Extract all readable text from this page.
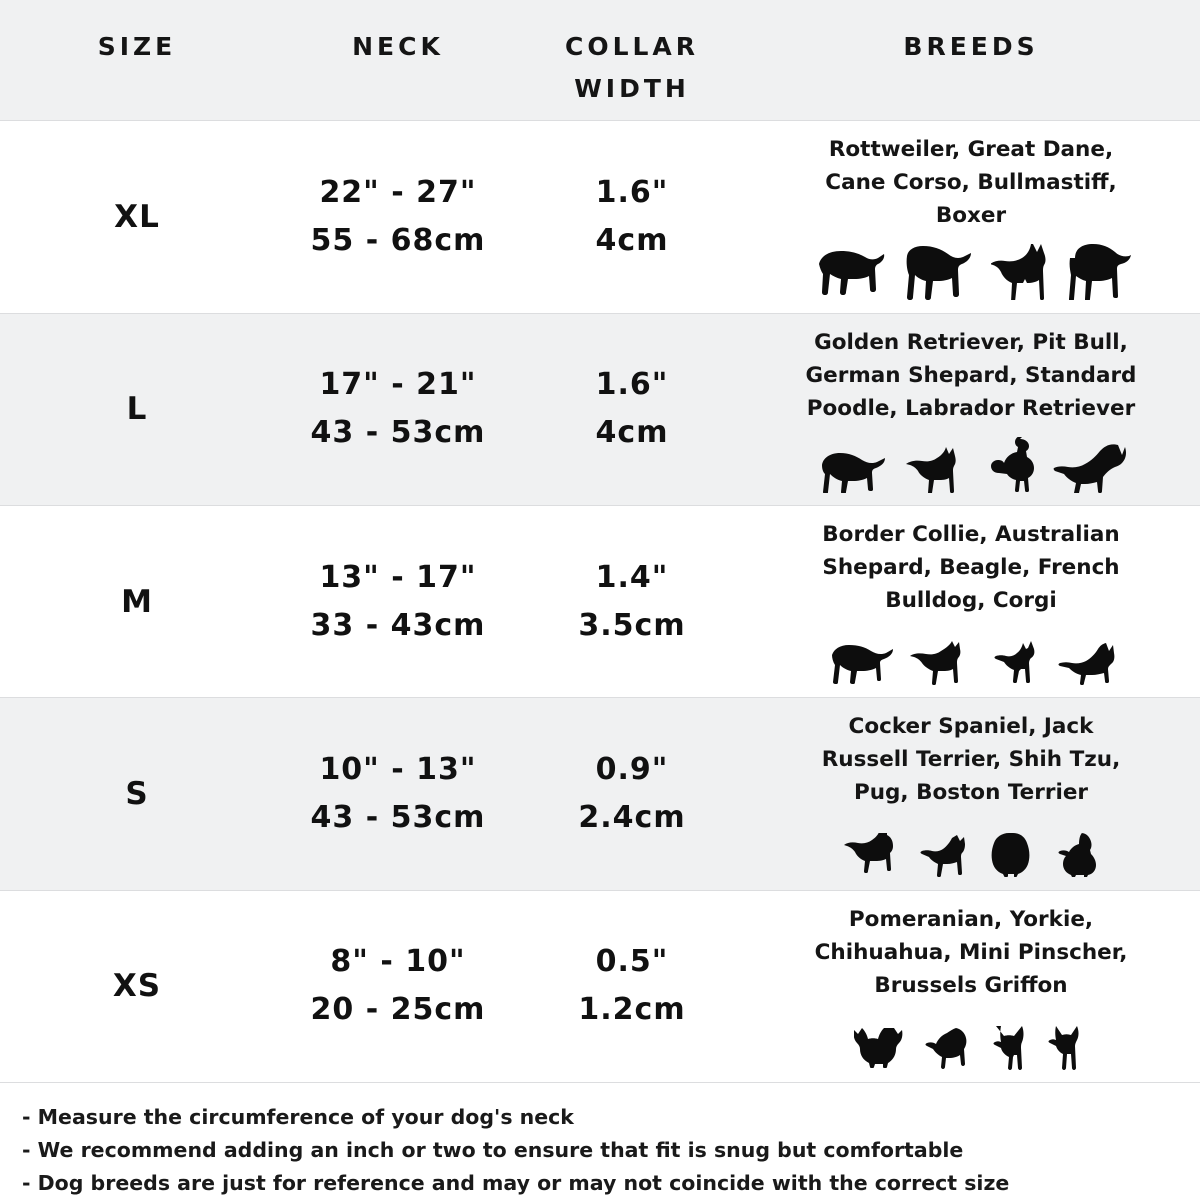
SIZE	NECK	COLLAR
WIDTH
BREEDS
XL
22" - 27"
55 - 68cm
1.6"
4cm
Rottweiler, Great Dane,
Cane Corso, Bullmastiff, Boxer
L
17" - 21"
43 - 53cm
1.6"
4cm
Golden Retriever, Pit Bull,
German Shepard, Standard
Poodle, Labrador Retriever
M
13" - 17"
33 - 43cm
1.4"
3.5cm
Border Collie, Australian
Shepard, Beagle, French
Bulldog, Corgi
S
10" - 13"
43 - 53cm
0.9"
2.4cm
Cocker Spaniel, Jack
Russell Terrier, Shih Tzu,
Pug, Boston Terrier
XS
8" - 10"
20 - 25cm
0.5"
1.2cm
Pomeranian, Yorkie,
Chihuahua, Mini Pinscher,
Brussels Griffon
- Measure the circumference of your dog's neck
- We recommend adding an inch or two to ensure that fit is snug but comfortable
- Dog breeds are just for reference and may or may not coincide with the correct size
